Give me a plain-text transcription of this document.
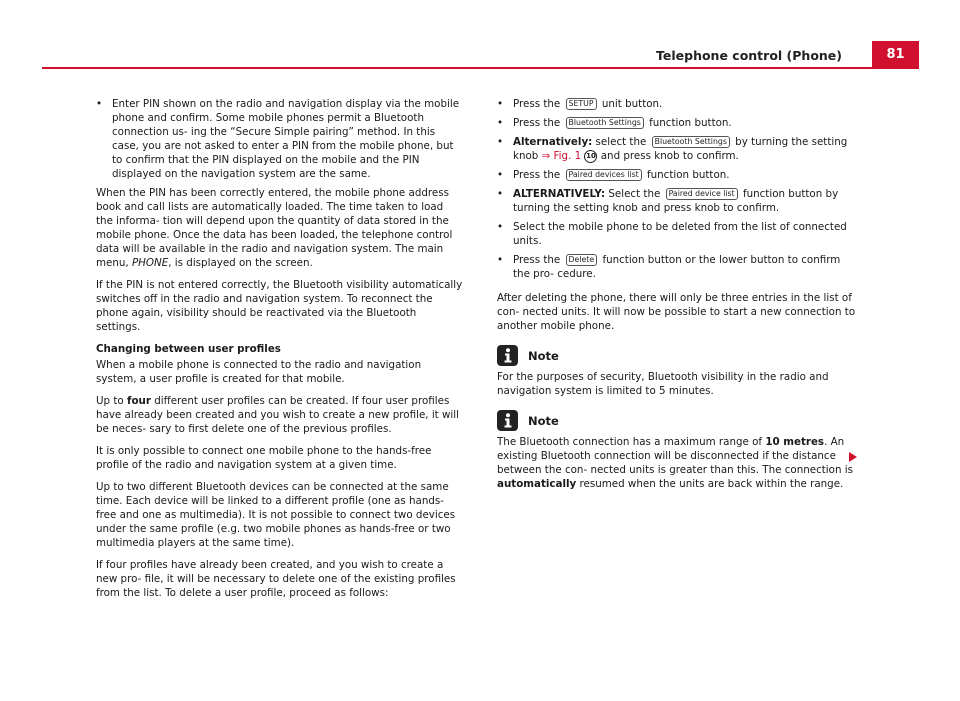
Telephone control (Phone)	81

• Enter PIN shown on the radio and navigation display via the mobile phone and confirm. Some mobile phones permit a Bluetooth connection us- ing the “Secure Simple pairing” method. In this case, you are not asked to enter a PIN from the mobile phone, but to confirm that the PIN displayed on the mobile and the PIN displayed on the navigation system are the same.

When the PIN has been correctly entered, the mobile phone address book and call lists are automatically loaded. The time taken to load the informa- tion will depend upon the quantity of data stored in the mobile phone. Once the data has been loaded, the telephone control data will be available in the radio and navigation system. The main menu, PHONE, is displayed on the screen.

If the PIN is not entered correctly, the Bluetooth visibility automatically switches off in the radio and navigation system. To reconnect the phone again, visibility should be reactivated via the Bluetooth settings.

Changing between user profiles

When a mobile phone is connected to the radio and navigation system, a user profile is created for that mobile.

Up to four different user profiles can be created. If four user profiles have already been created and you wish to create a new profile, it will be neces- sary to first delete one of the previous profiles.

It is only possible to connect one mobile phone to the hands-free profile of the radio and navigation system at a given time.

Up to two different Bluetooth devices can be connected at the same time. Each device will be linked to a different profile (one as hands-free and one as multimedia). It is not possible to connect two devices under the same profile (e.g. two mobile phones as hands-free or two multimedia players at the same time).

If four profiles have already been created, and you wish to create a new pro- file, it will be necessary to delete one of the existing profiles from the list. To delete a user profile, proceed as follows:

• Press the SETUP unit button.

• Press the Bluetooth Settings function button.

• Alternatively: select the Bluetooth Settings by turning the setting knob ⇒ Fig. 1 10 and press knob to confirm.

• Press the Paired devices list function button.

• ALTERNATIVELY: Select the Paired device list function button by turning the setting knob and press knob to confirm.

• Select the mobile phone to be deleted from the list of connected units.

• Press the Delete function button or the lower button to confirm the pro- cedure.

After deleting the phone, there will only be three entries in the list of con- nected units. It will now be possible to start a new connection to another mobile phone.

Note

For the purposes of security, Bluetooth visibility in the radio and navigation system is limited to 5 minutes.

Note

The Bluetooth connection has a maximum range of 10 metres. An existing Bluetooth connection will be disconnected if the distance between the con- nected units is greater than this. The connection is automatically resumed when the units are back within the range.
